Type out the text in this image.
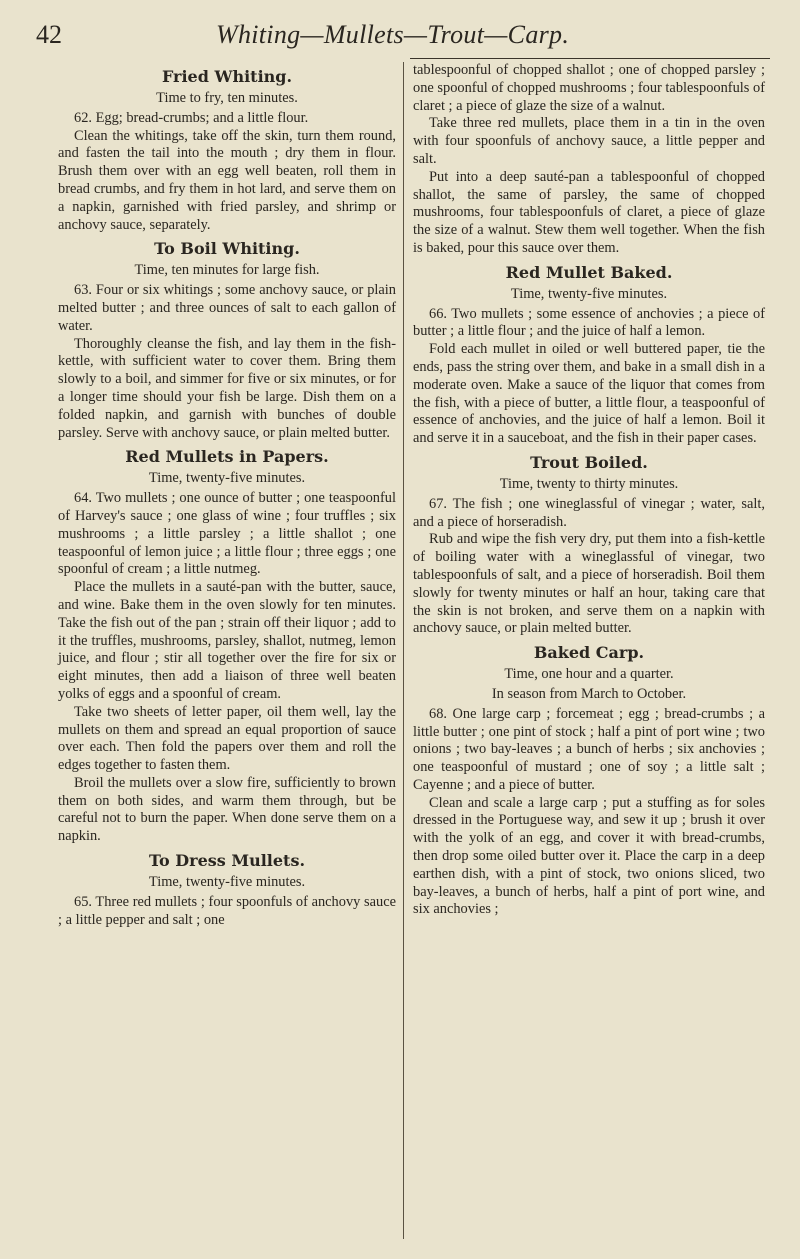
42	Whiting—Mullets—Trout—Carp.
Fried Whiting.
Time to fry, ten minutes.

62. Egg; bread-crumbs; and a little flour.

Clean the whitings, take off the skin, turn them round, and fasten the tail into the mouth ; dry them in flour. Brush them over with an egg well beaten, roll them in bread crumbs, and fry them in hot lard, and serve them on a napkin, garnished with fried parsley, and shrimp or anchovy sauce, separately.

To Boil Whiting.
Time, ten minutes for large fish.

63. Four or six whitings ; some anchovy sauce, or plain melted butter ; and three ounces of salt to each gallon of water.

Thoroughly cleanse the fish, and lay them in the fish-kettle, with sufficient water to cover them. Bring them slowly to a boil, and simmer for five or six minutes, or for a longer time should your fish be large. Dish them on a folded napkin, and garnish with bunches of double parsley. Serve with anchovy sauce, or plain melted butter.

Red Mullets in Papers.
Time, twenty-five minutes.

64. Two mullets ; one ounce of butter ; one teaspoonful of Harvey's sauce ; one glass of wine ; four truffles ; six mushrooms ; a little parsley ; a little shallot ; one teaspoonful of lemon juice ; a little flour ; three eggs ; one spoonful of cream ; a little nutmeg.

Place the mullets in a sauté-pan with the butter, sauce, and wine. Bake them in the oven slowly for ten minutes. Take the fish out of the pan ; strain off their liquor ; add to it the truffles, mushrooms, parsley, shallot, nutmeg, lemon juice, and flour ; stir all together over the fire for six or eight minutes, then add a liaison of three well beaten yolks of eggs and a spoonful of cream.

Take two sheets of letter paper, oil them well, lay the mullets on them and spread an equal proportion of sauce over each. Then fold the papers over them and roll the edges together to fasten them.

Broil the mullets over a slow fire, sufficiently to brown them on both sides, and warm them through, but be careful not to burn the paper. When done serve them on a napkin.

To Dress Mullets.
Time, twenty-five minutes.

65. Three red mullets ; four spoonfuls of anchovy sauce ; a little pepper and salt ; one

tablespoonful of chopped shallot ; one of chopped parsley ; one spoonful of chopped mushrooms ; four tablespoonfuls of claret ; a piece of glaze the size of a walnut.

Take three red mullets, place them in a tin in the oven with four spoonfuls of anchovy sauce, a little pepper and salt.

Put into a deep sauté-pan a tablespoonful of chopped shallot, the same of parsley, the same of chopped mushrooms, four tablespoonfuls of claret, a piece of glaze the size of a walnut. Stew them well together. When the fish is baked, pour this sauce over them.

Red Mullet Baked.
Time, twenty-five minutes.

66. Two mullets ; some essence of anchovies ; a piece of butter ; a little flour ; and the juice of half a lemon.

Fold each mullet in oiled or well buttered paper, tie the ends, pass the string over them, and bake in a small dish in a moderate oven. Make a sauce of the liquor that comes from the fish, with a piece of butter, a little flour, a teaspoonful of essence of anchovies, and the juice of half a lemon. Boil it and serve it in a sauceboat, and the fish in their paper cases.

Trout Boiled.
Time, twenty to thirty minutes.

67. The fish ; one wineglassful of vinegar ; water, salt, and a piece of horseradish.

Rub and wipe the fish very dry, put them into a fish-kettle of boiling water with a wineglassful of vinegar, two tablespoonfuls of salt, and a piece of horseradish. Boil them slowly for twenty minutes or half an hour, taking care that the skin is not broken, and serve them on a napkin with anchovy sauce, or plain melted butter.

Baked Carp.
Time, one hour and a quarter.
In season from March to October.

68. One large carp ; forcemeat ; egg ; bread-crumbs ; a little butter ; one pint of stock ; half a pint of port wine ; two onions ; two bay-leaves ; a bunch of herbs ; six anchovies ; one teaspoonful of mustard ; one of soy ; a little salt ; Cayenne ; and a piece of butter.

Clean and scale a large carp ; put a stuffing as for soles dressed in the Portuguese way, and sew it up ; brush it over with the yolk of an egg, and cover it with bread-crumbs, then drop some oiled butter over it. Place the carp in a deep earthen dish, with a pint of stock, two onions sliced, two bay-leaves, a bunch of herbs, half a pint of port wine, and six anchovies ;
